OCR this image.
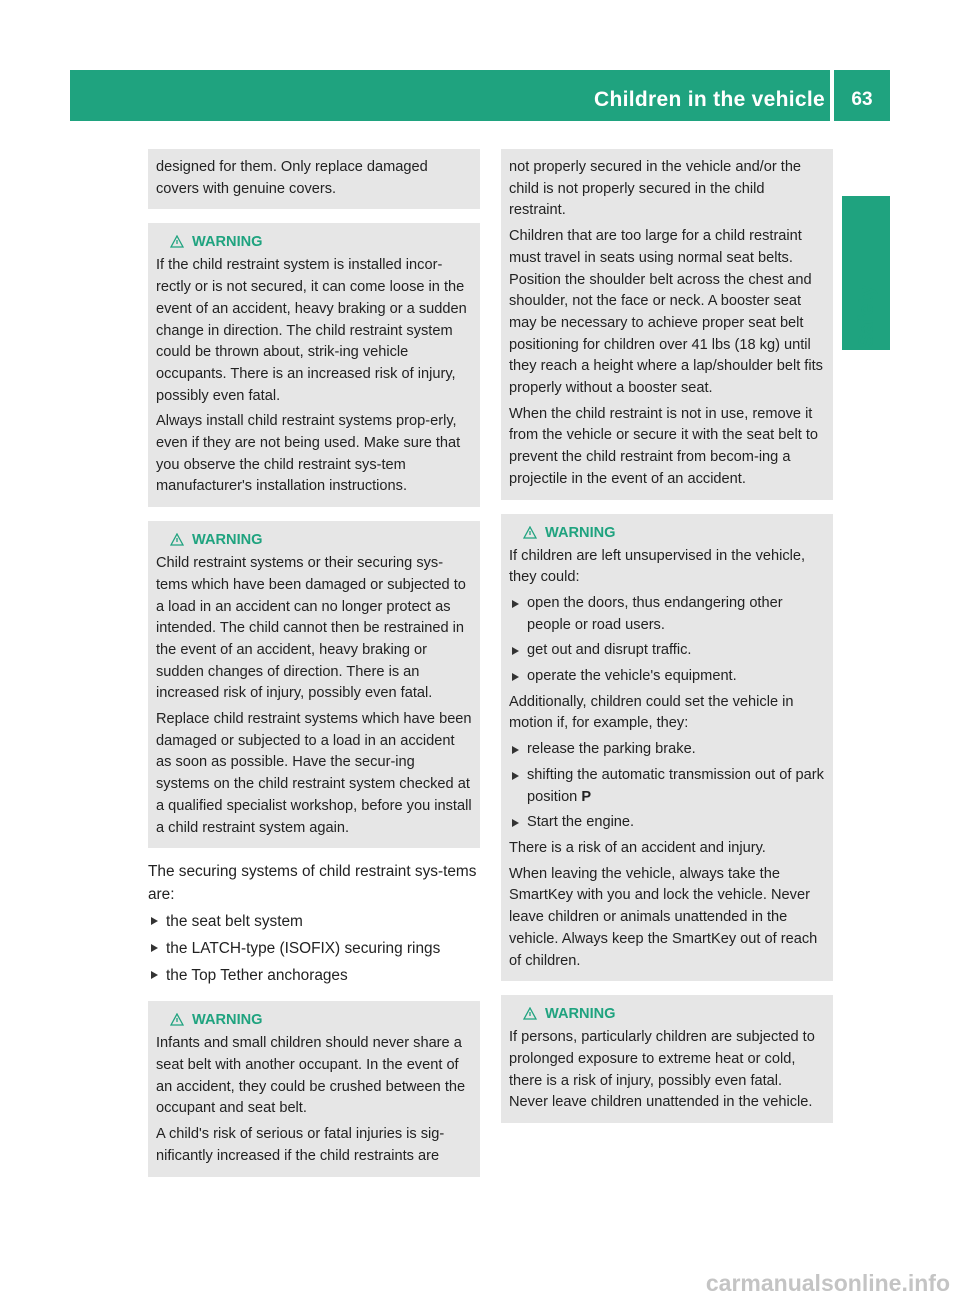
Children in the vehicle	63
Safety

designed for them. Only replace damaged covers with genuine covers.

WARNING

If the child restraint system is installed incor-rectly or is not secured, it can come loose in the event of an accident, heavy braking or a sudden change in direction. The child restraint system could be thrown about, strik-ing vehicle occupants. There is an increased risk of injury, possibly even fatal.

Always install child restraint systems prop-erly, even if they are not being used. Make sure that you observe the child restraint sys-tem manufacturer's installation instructions.

WARNING

Child restraint systems or their securing sys-tems which have been damaged or subjected to a load in an accident can no longer protect as intended. The child cannot then be restrained in the event of an accident, heavy braking or sudden changes of direction. There is an increased risk of injury, possibly even fatal.

Replace child restraint systems which have been damaged or subjected to a load in an accident as soon as possible. Have the secur-ing systems on the child restraint system checked at a qualified specialist workshop, before you install a child restraint system again.

The securing systems of child restraint sys-tems are:

the seat belt system
the LATCH-type (ISOFIX) securing rings
the Top Tether anchorages
WARNING

Infants and small children should never share a seat belt with another occupant. In the event of an accident, they could be crushed between the occupant and seat belt.

A child's risk of serious or fatal injuries is sig-nificantly increased if the child restraints are

not properly secured in the vehicle and/or the child is not properly secured in the child restraint.

Children that are too large for a child restraint must travel in seats using normal seat belts. Position the shoulder belt across the chest and shoulder, not the face or neck. A booster seat may be necessary to achieve proper seat belt positioning for children over 41 lbs (18 kg) until they reach a height where a lap/shoulder belt fits properly without a booster seat.

When the child restraint is not in use, remove it from the vehicle or secure it with the seat belt to prevent the child restraint from becom-ing a projectile in the event of an accident.

WARNING

If children are left unsupervised in the vehicle, they could:

open the doors, thus endangering other people or road users.
get out and disrupt traffic.
operate the vehicle's equipment.

Additionally, children could set the vehicle in motion if, for example, they:

release the parking brake.
shifting the automatic transmission out of park position P
Start the engine.

There is a risk of an accident and injury.

When leaving the vehicle, always take the SmartKey with you and lock the vehicle. Never leave children or animals unattended in the vehicle. Always keep the SmartKey out of reach of children.

WARNING

If persons, particularly children are subjected to prolonged exposure to extreme heat or cold, there is a risk of injury, possibly even fatal. Never leave children unattended in the vehicle.

carmanualsonline.info
